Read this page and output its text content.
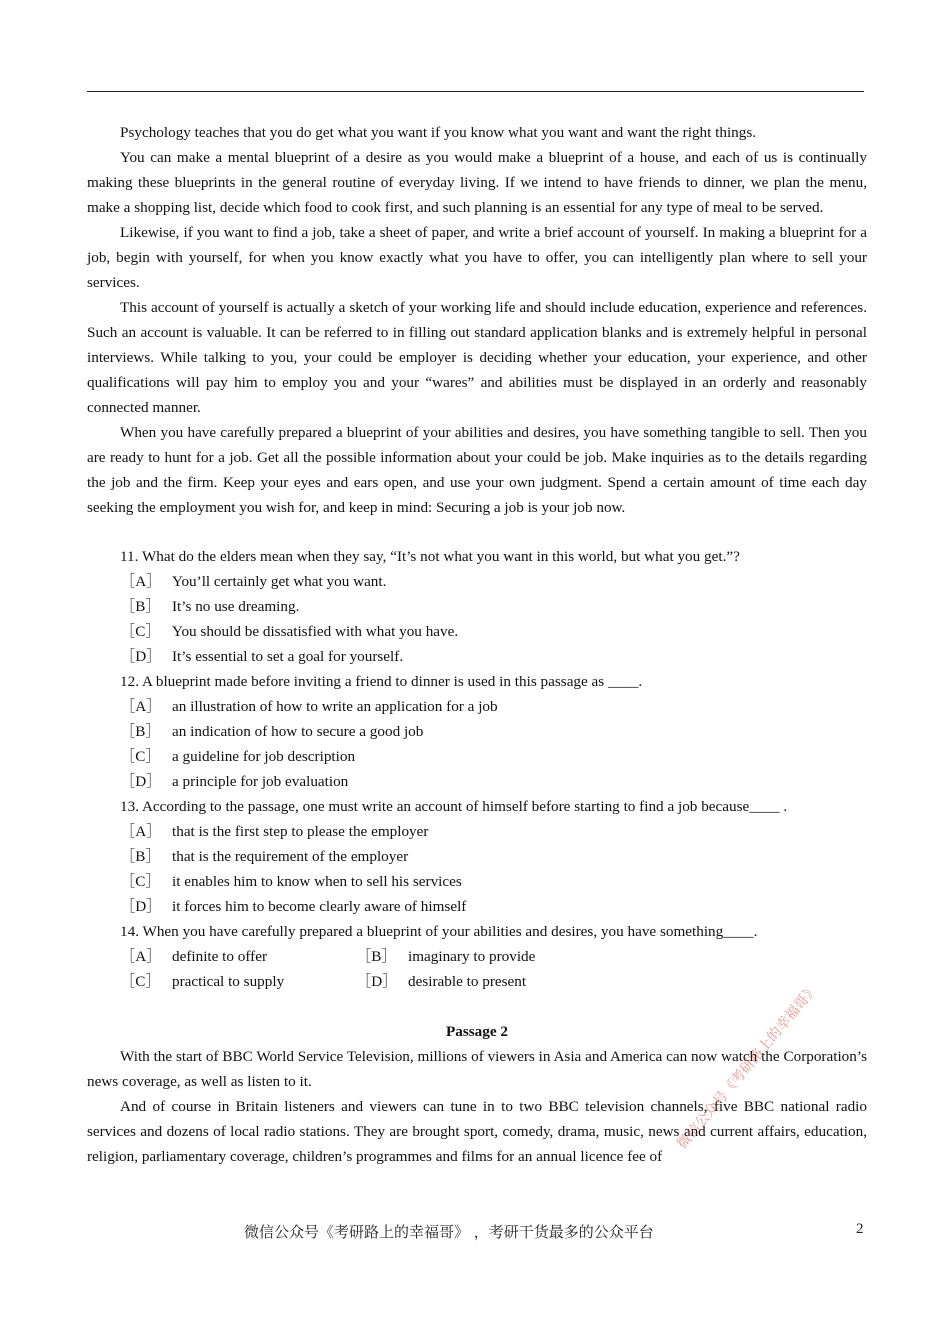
Psychology teaches that you do get what you want if you know what you want and want the right things.

You can make a mental blueprint of a desire as you would make a blueprint of a house, and each of us is continually making these blueprints in the general routine of everyday living. If we intend to have friends to dinner, we plan the menu, make a shopping list, decide which food to cook first, and such planning is an essential for any type of meal to be served.

Likewise, if you want to find a job, take a sheet of paper, and write a brief account of yourself. In making a blueprint for a job, begin with yourself, for when you know exactly what you have to offer, you can intelligently plan where to sell your services.

This account of yourself is actually a sketch of your working life and should include education, experience and references. Such an account is valuable. It can be referred to in filling out standard application blanks and is extremely helpful in personal interviews. While talking to you, your could be employer is deciding whether your education, your experience, and other qualifications will pay him to employ you and your “wares” and abilities must be displayed in an orderly and reasonably connected manner.

When you have carefully prepared a blueprint of your abilities and desires, you have something tangible to sell. Then you are ready to hunt for a job. Get all the possible information about your could be job. Make inquiries as to the details regarding the job and the firm. Keep your eyes and ears open, and use your own judgment. Spend a certain amount of time each day seeking the employment you wish for, and keep in mind: Securing a job is your job now.

11. What do the elders mean when they say, “It’s not what you want in this world, but what you get.”?

［A］ You’ll certainly get what you want.

［B］ It’s no use dreaming.

［C］ You should be dissatisfied with what you have.

［D］ It’s essential to set a goal for yourself.

12. A blueprint made before inviting a friend to dinner is used in this passage as ____.

［A］ an illustration of how to write an application for a job

［B］ an indication of how to secure a good job

［C］ a guideline for job description

［D］ a principle for job evaluation

13. According to the passage, one must write an account of himself before starting to find a job because____ .

［A］ that is the first step to please the employer

［B］ that is the requirement of the employer

［C］ it enables him to know when to sell his services

［D］ it forces him to become clearly aware of himself

14. When you have carefully prepared a blueprint of your abilities and desires, you have something____.

［A］ definite to offer	［B］ imaginary to provide

［C］ practical to supply	［D］ desirable to present

Passage 2

With the start of BBC World Service Television, millions of viewers in Asia and America can now watch the Corporation’s news coverage, as well as listen to it.

And of course in Britain listeners and viewers can tune in to two BBC television channels, five BBC national radio services and dozens of local radio stations. They are brought sport, comedy, drama, music, news and current affairs, education, religion, parliamentary coverage, children’s programmes and films for an annual licence fee of

微信公众号《考研路上的幸福哥》
微信公众号《考研路上的幸福哥》 ，考研干货最多的公众平台	2
